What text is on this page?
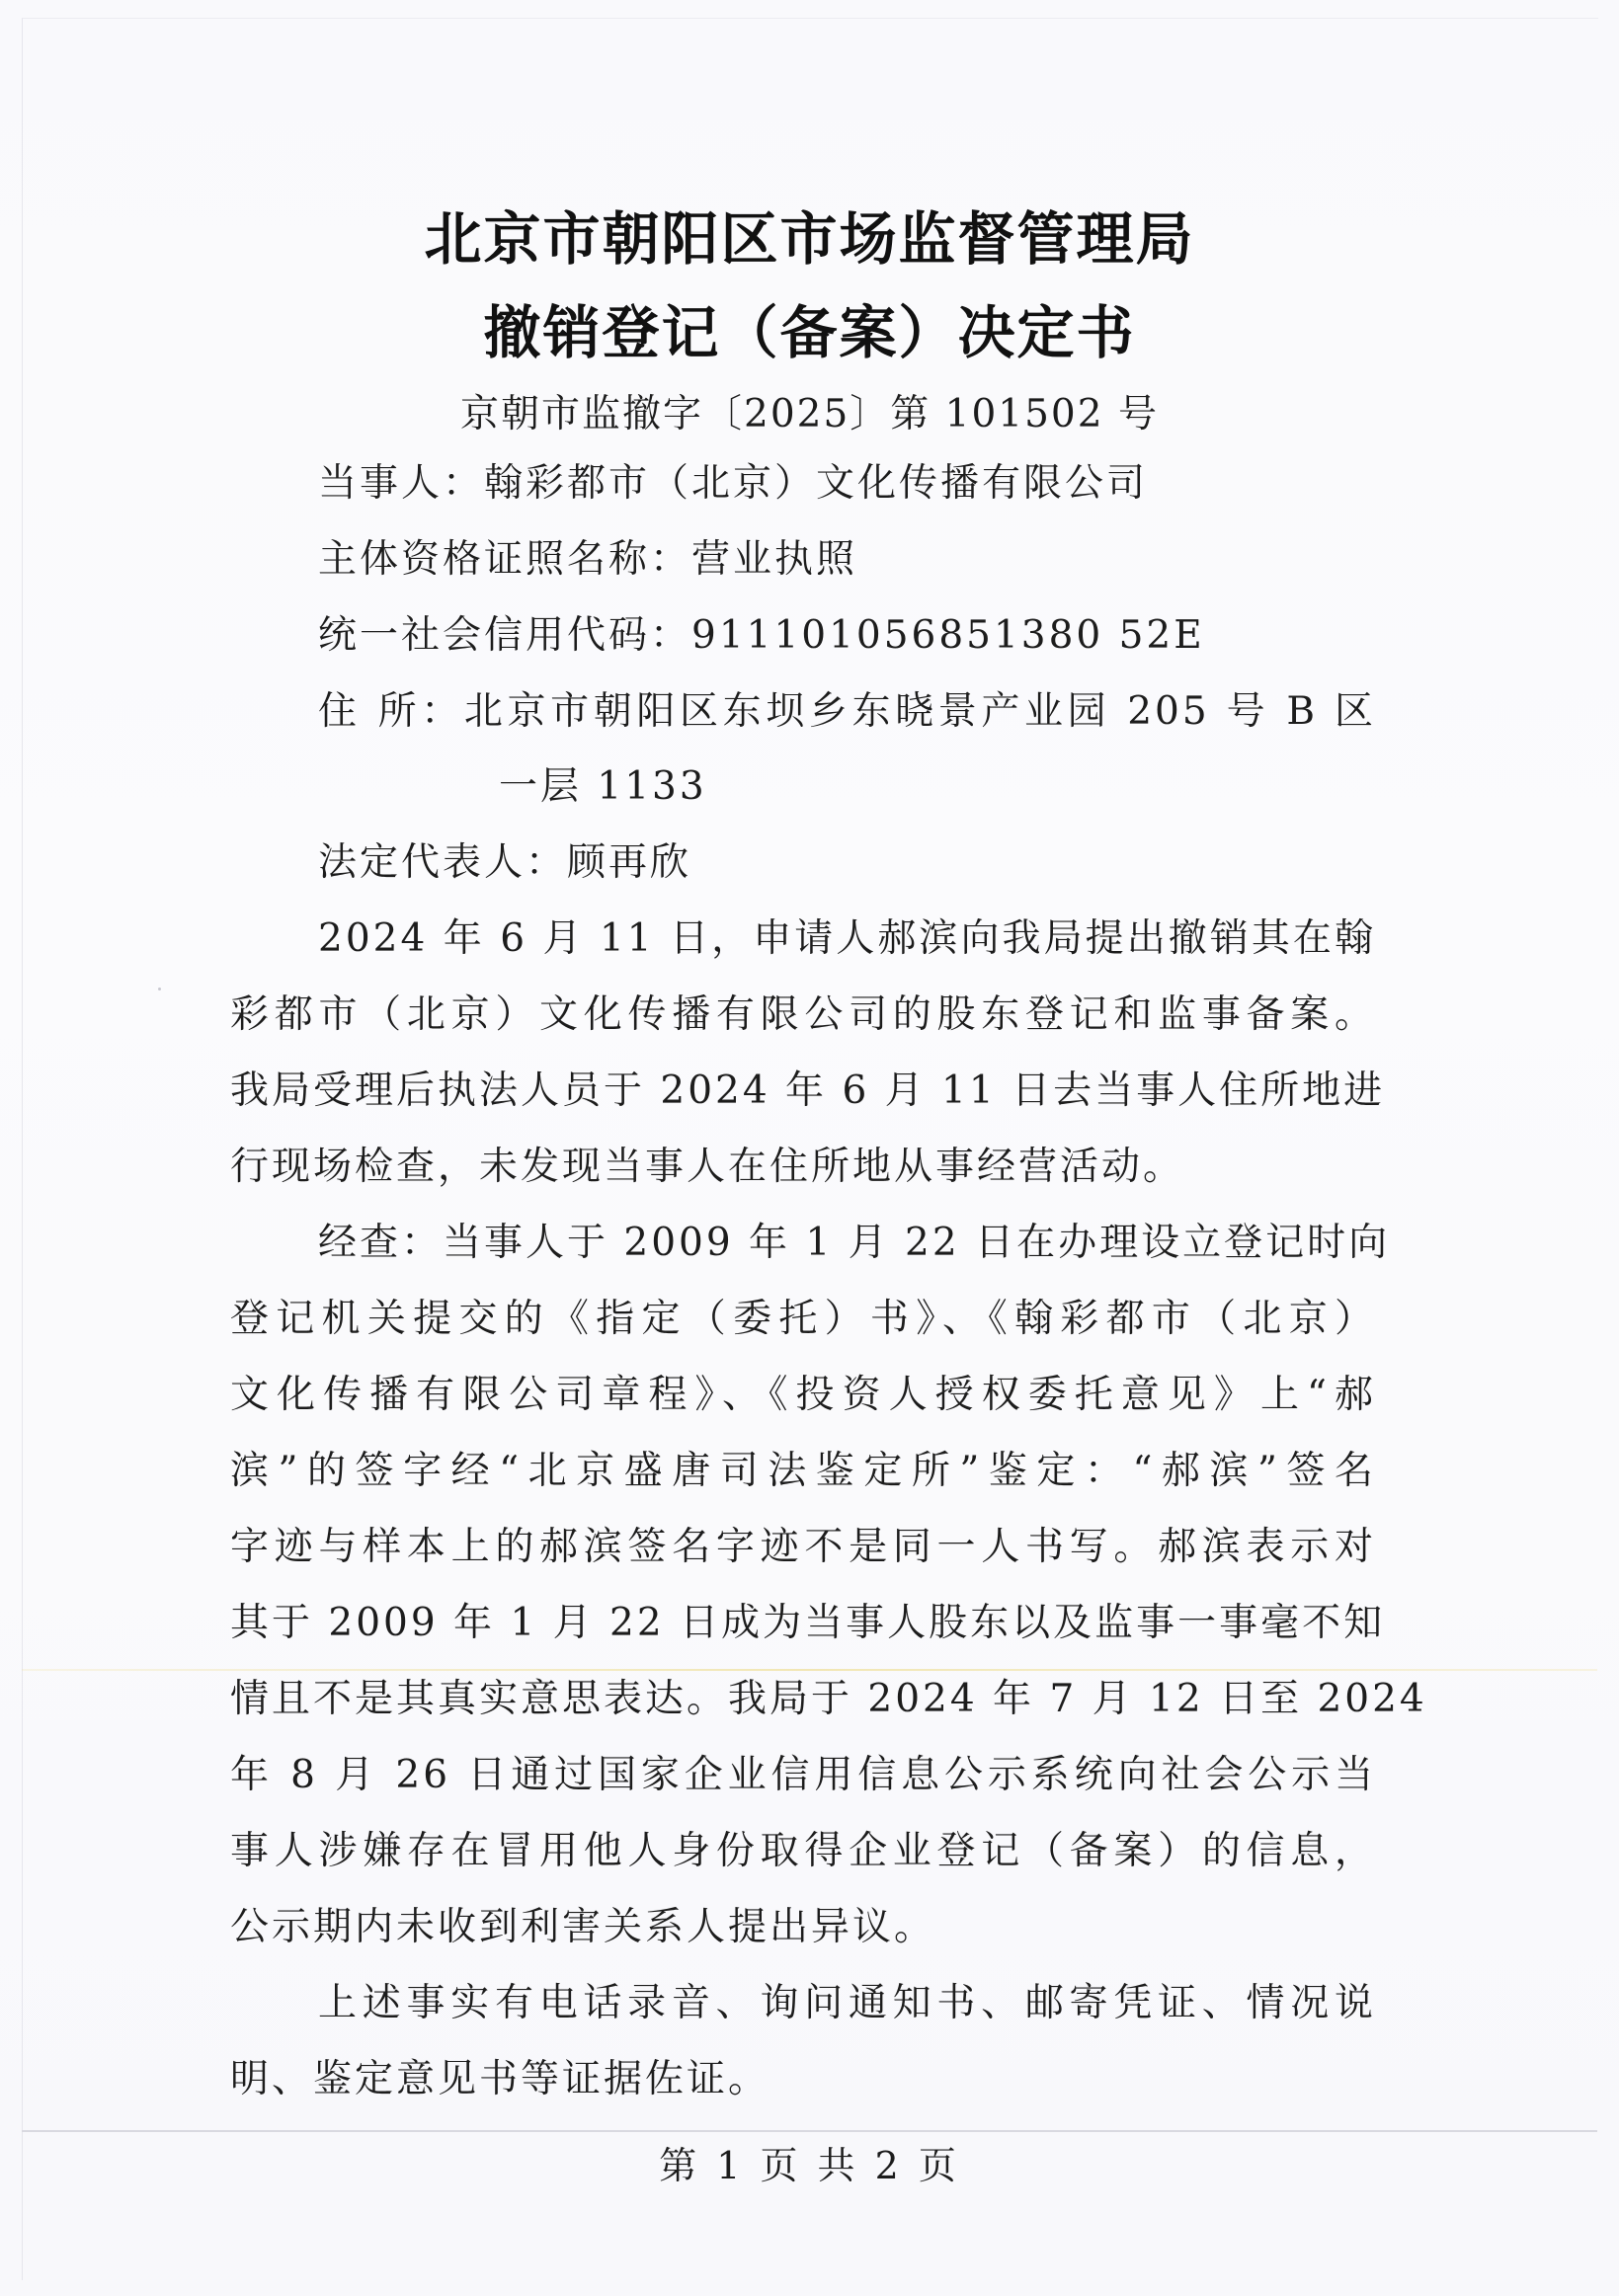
北京市朝阳区市场监督管理局
撤销登记（备案）决定书
京朝市监撤字〔2025〕第 101502 号
当事人：翰彩都市（北京）文化传播有限公司
主体资格证照名称：营业执照
统一社会信用代码：911101056851380 52E
住 所：北京市朝阳区东坝乡东晓景产业园 205 号 B 区
一层 1133
法定代表人：顾再欣
2024 年 6 月 11 日，申请人郝滨向我局提出撤销其在翰
彩都市（北京）文化传播有限公司的股东登记和监事备案。
我局受理后执法人员于 2024 年 6 月 11 日去当事人住所地进
行现场检查，未发现当事人在住所地从事经营活动。
经查：当事人于 2009 年 1 月 22 日在办理设立登记时向
登记机关提交的《指定（委托）书》、《翰彩都市（北京）
文化传播有限公司章程》、《投资人授权委托意见》上“郝
滨”的签字经“北京盛唐司法鉴定所”鉴定：“郝滨”签名
字迹与样本上的郝滨签名字迹不是同一人书写。郝滨表示对
其于 2009 年 1 月 22 日成为当事人股东以及监事一事毫不知
情且不是其真实意思表达。我局于 2024 年 7 月 12 日至 2024
年 8 月 26 日通过国家企业信用信息公示系统向社会公示当
事人涉嫌存在冒用他人身份取得企业登记（备案）的信息，
公示期内未收到利害关系人提出异议。
上述事实有电话录音、询问通知书、邮寄凭证、情况说
明、鉴定意见书等证据佐证。
第 1 页 共 2 页
